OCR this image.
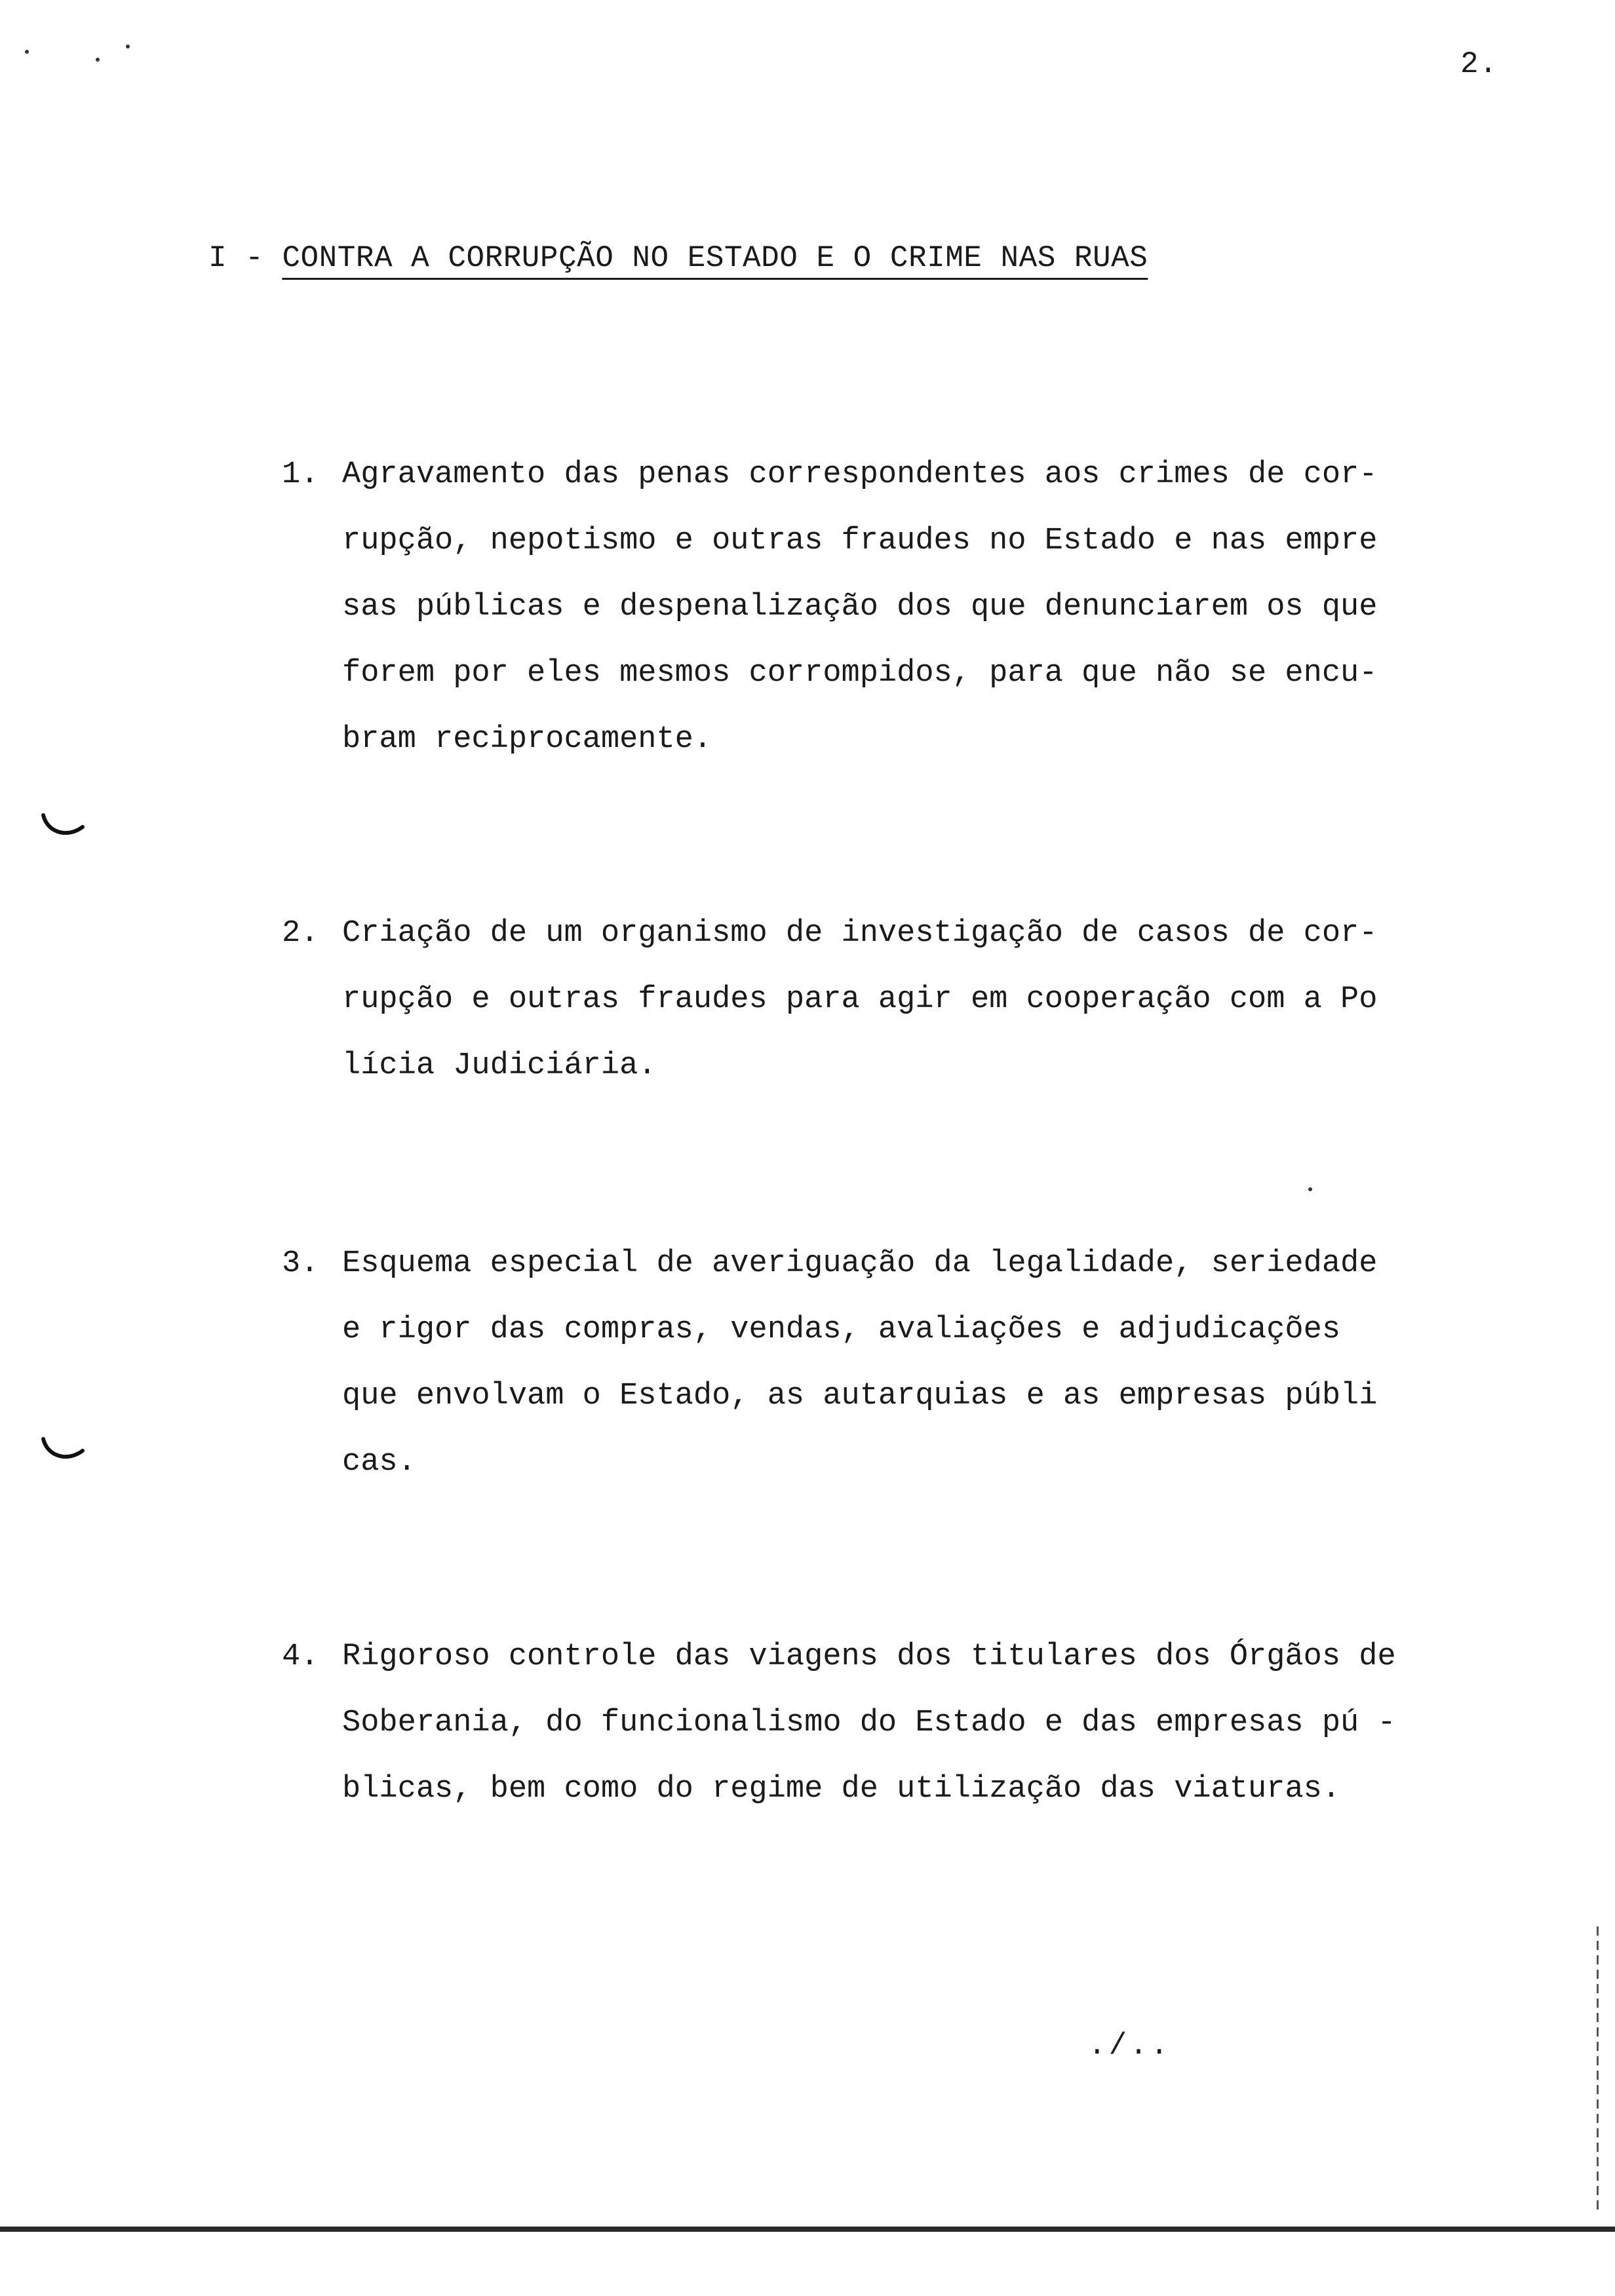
2.
I - CONTRA A CORRUPÇÃO NO ESTADO E O CRIME NAS RUAS
1. Agravamento das penas correspondentes aos crimes de cor-
rupção, nepotismo e outras fraudes no Estado e nas empre
sas públicas e despenalização dos que denunciarem os que
forem por eles mesmos corrompidos, para que não se encu-
bram reciprocamente.
2. Criação de um organismo de investigação de casos de cor-
rupção e outras fraudes para agir em cooperação com a Po
lícia Judiciária.
3. Esquema especial de averiguação da legalidade, seriedade
e rigor das compras, vendas, avaliações e adjudicações
que envolvam o Estado, as autarquias e as empresas públi
cas.
4. Rigoroso controle das viagens dos titulares dos Órgãos de
Soberania, do funcionalismo do Estado e das empresas pú -
blicas, bem como do regime de utilização das viaturas.
./..
